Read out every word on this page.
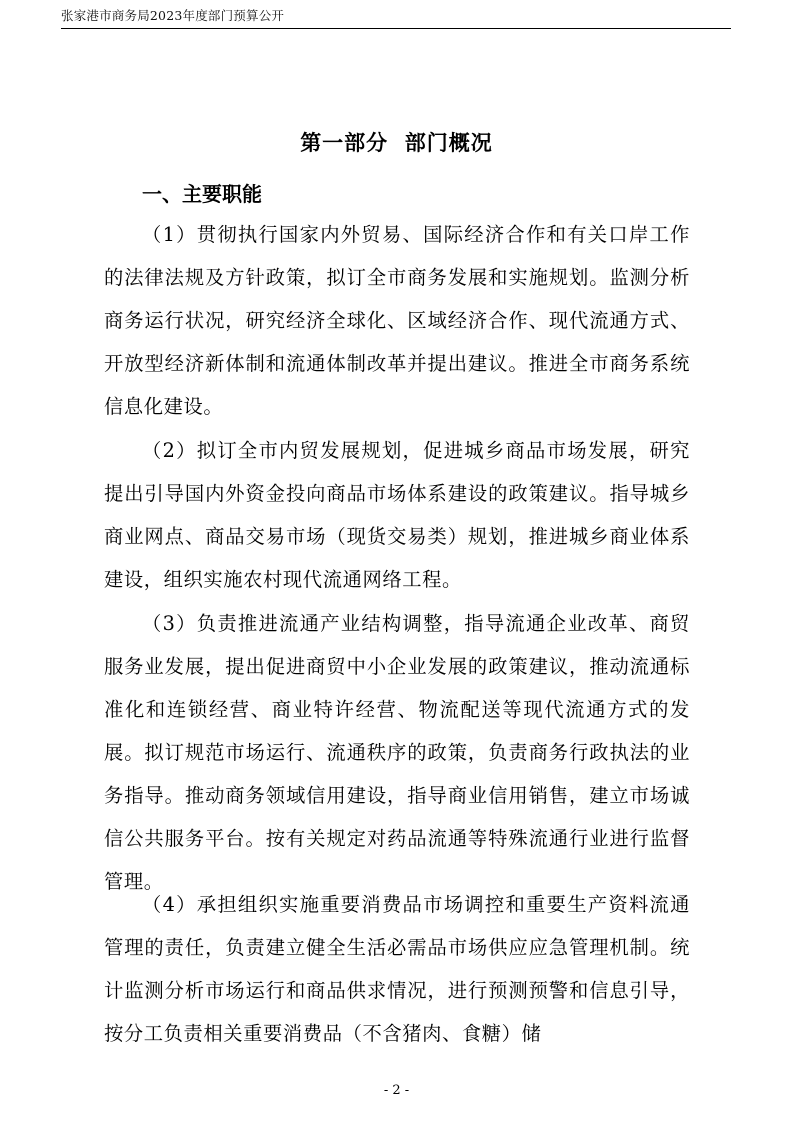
张家港市商务局2023年度部门预算公开
第一部分  部门概况
一、主要职能

（1）贯彻执行国家内外贸易、国际经济合作和有关口岸工作的法律法规及方针政策，拟订全市商务发展和实施规划。监测分析商务运行状况，研究经济全球化、区域经济合作、现代流通方式、开放型经济新体制和流通体制改革并提出建议。推进全市商务系统信息化建设。

（2）拟订全市内贸发展规划，促进城乡商品市场发展，研究提出引导国内外资金投向商品市场体系建设的政策建议。指导城乡商业网点、商品交易市场（现货交易类）规划，推进城乡商业体系建设，组织实施农村现代流通网络工程。

（3）负责推进流通产业结构调整，指导流通企业改革、商贸服务业发展，提出促进商贸中小企业发展的政策建议，推动流通标准化和连锁经营、商业特许经营、物流配送等现代流通方式的发展。拟订规范市场运行、流通秩序的政策，负责商务行政执法的业务指导。推动商务领域信用建设，指导商业信用销售，建立市场诚信公共服务平台。按有关规定对药品流通等特殊流通行业进行监督管理。

（4）承担组织实施重要消费品市场调控和重要生产资料流通管理的责任，负责建立健全生活必需品市场供应应急管理机制。统计监测分析市场运行和商品供求情况，进行预测预警和信息引导，按分工负责相关重要消费品（不含猪肉、食糖）储

- 2 -
